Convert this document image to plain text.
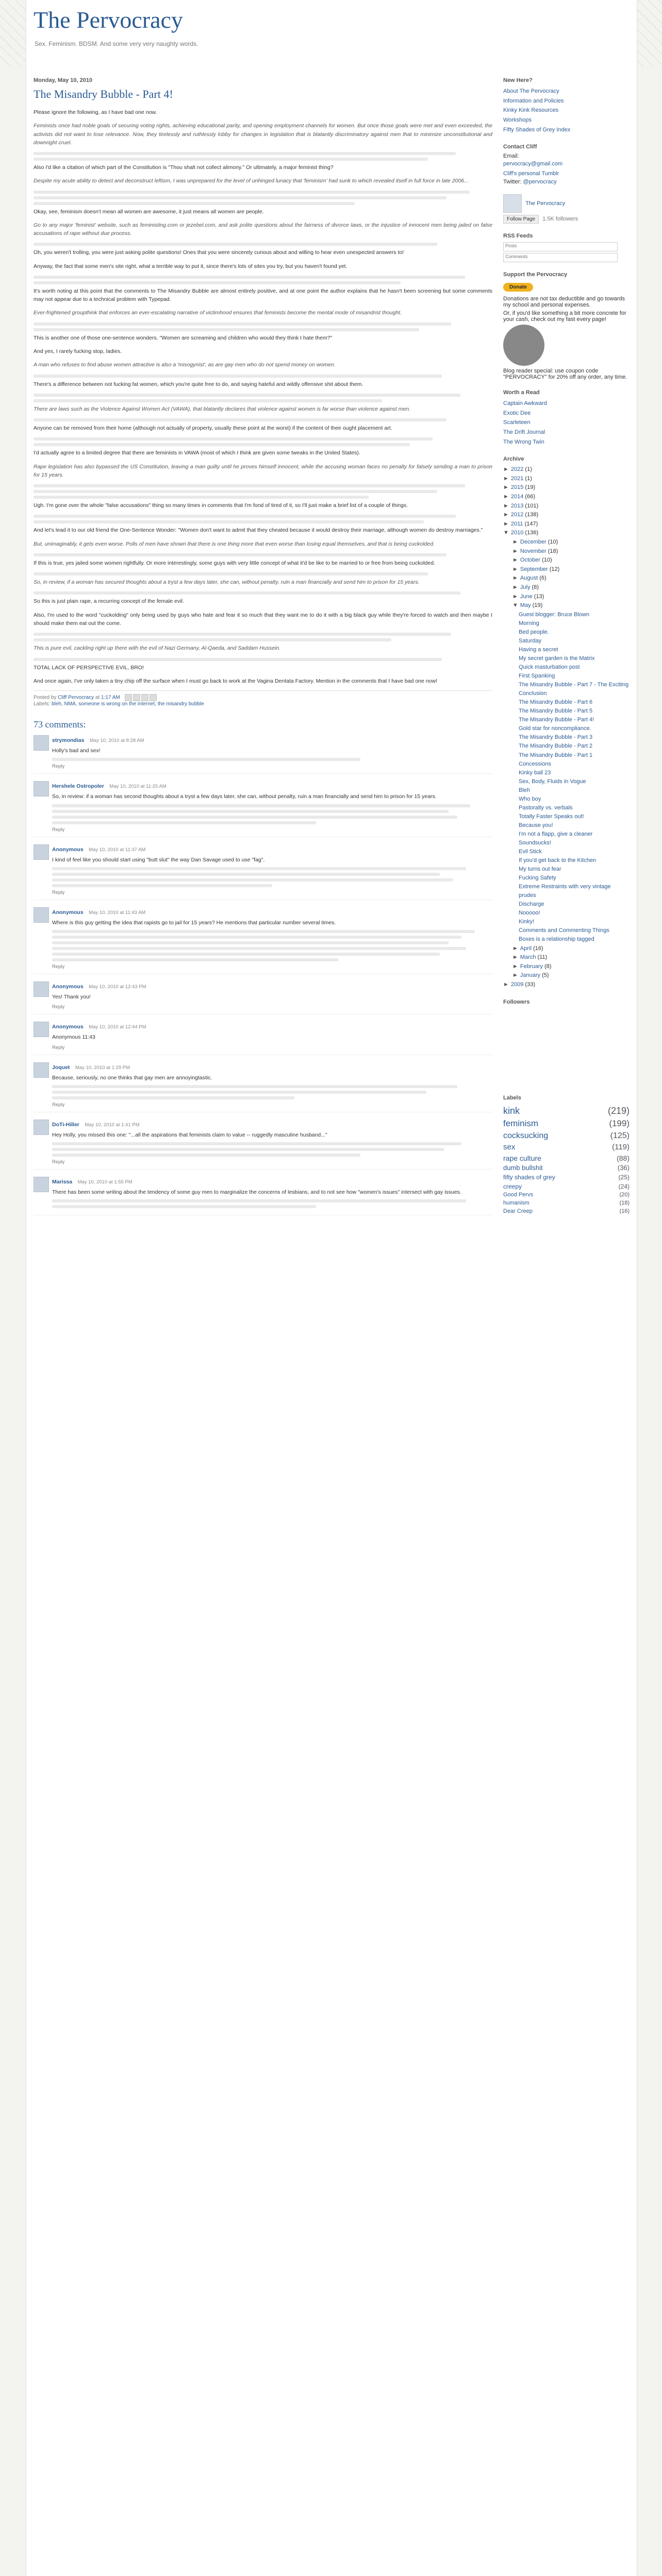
The Pervocracy
Sex. Feminism. BDSM. And some very very naughty words.
Monday, May 10, 2010
The Misandry Bubble - Part 4!

Please ignore the following, as I have bad one now.

Feminists once had noble goals of securing voting rights, achieving educational parity, and opening employment channels for women. But once those goals were met and even exceeded, the activists did not want to lose relevance. Now, they tirelessly and ruthlessly lobby for changes in legislation that is blatantly discriminatory against men that to minimize unconstitutional and downright cruel.

Also I'd like a citation of which part of the Constitution is "Thou shalt not collect alimony." Or ultimately, a major feminist thing?

Despite my acute ability to detect and deconstruct leftism, I was unprepared for the level of unhinged lunacy that 'feminism' had sunk to which revealed itself in full force in late 2006...

Okay, see, feminism doesn't mean all women are awesome, it just means all women are people.

Go to any major 'feminist' website, such as feministing.com or jezebel.com, and ask polite questions about the fairness of divorce laws, or the injustice of innocent men being jailed on false accusations of rape without due process.

Oh, you weren't trolling, you were just asking polite questions! Ones that you were sincerely curious about and willing to hear even unexpected answers to!

Anyway, the fact that some men's site right, what a terrible way to put it, since there's lots of sites you try, but you haven't found yet.

It's worth noting at this point that the comments to The Misandry Bubble are almost entirely positive, and at one point the author explains that he hasn't been screening but some comments may not appear due to a technical problem with Typepad.

Ever-frightened groupthink that enforces an ever-escalating narrative of victimhood ensures that feminists become the mental mode of misandrist thought.

This is another one of those one-sentence wonders. "Women are screaming and children who would they think I hate them?"

And yes, I rarely fucking stop, ladies.

A man who refuses to find abuse women attractive is also a 'misogynist', as are gay men who do not spend money on women.

There's a difference between not fucking fat women, which you're quite free to do, and saying hateful and wildly offensive shit about them.

There are laws such as the Violence Against Women Act (VAWA), that blatantly declares that violence against women is far worse than violence against men.

Anyone can be removed from their home (although not actually of property, usually these point at the worst) if the content of their ought placement art.

I'd actually agree to a limited degree that there are feminists in VAWA (most of which I think are given some tweaks in the United States).

Rape legislation has also bypassed the US Constitution, leaving a man guilty until he proves himself innocent, while the accusing woman faces no penalty for falsely sending a man to prison for 15 years.

Ugh. I'm gone over the whole "false accusations" thing so many times in comments that I'm fond of tired of it, so I'll just make a brief list of a couple of things.

And let's lead it to our old friend the One-Sentence Wonder: "Women don't want to admit that they cheated because it would destroy their marriage, although women do destroy marriages."

But, unimaginably, it gets even worse. Polls of men have shown that there is one thing more that even worse than losing equal themselves, and that is being cuckolded.

If this is true, yes jailed some women rightfully. Or more interestingly, some guys with very little concept of what it'd be like to be married to or free from being cuckolded.

So, in review, if a woman has secured thoughts about a tryst a few days later, she can, without penalty, ruin a man financially and send him to prison for 15 years.

So this is just plain rape, a recurring concept of the female evil.

Also, I'm used to the word "cuckolding" only being used by guys who hate and fear it so much that they want me to do it with a big black guy while they're forced to watch and then maybe I should make them eat out the come.

This is pure evil, cackling right up there with the evil of Nazi Germany, Al-Qaeda, and Saddam Hussein.

TOTAL LACK OF PERSPECTIVE EVIL, BRO!

And once again, I've only taken a tiny chip off the surface when I must go back to work at the Vagina Dentata Factory. Mention in the comments that I have bad one now!

Posted by Cliff Pervocracy at 1:17 AM
Labels: bleh, NMA, someone is wrong on the internet, the misandry bubble
73 comments:
strymondias May 10, 2010 at 8:28 AM

Holly's bad and sex!

Reply
Hershele Ostropoler May 10, 2010 at 11:25 AM

So, in review: if a woman has second thoughts about a tryst a few days later, she can, without penalty, ruin a man financially and send him to prison for 15 years.

Reply
Anonymous May 10, 2010 at 11:37 AM

I kind of feel like you should start using "butt slut" the way Dan Savage used to use "fag".

Reply
Anonymous May 10, 2010 at 11:43 AM

Where is this guy getting the idea that rapists go to jail for 15 years? He mentions that particular number several times.

Reply
Anonymous May 10, 2010 at 12:43 PM

Yes! Thank you!

Reply
Anonymous May 10, 2010 at 12:44 PM

Anonymous 11:43

Reply
Joquet May 10, 2010 at 1:29 PM

Because, seriously, no one thinks that gay men are annoyingtastic.

Reply
DoTi-Hiller May 10, 2010 at 1:41 PM

Hey Holly, you missed this one: "...all the aspirations that feminists claim to value -- ruggedly masculine husband..."

Reply
Marissa May 10, 2010 at 1:55 PM

There has been some writing about the tendency of some guy men to marginalize the concerns of lesbians, and to not see how "women's issues" intersect with gay issues.

New Here?
About The Pervocracy
Information and Policies
Kinky Kink Resources
Workshops
Fifty Shades of Grey Index
Contact Cliff
Email:
pervocracy@gmail.com
Cliff's personal Tumblr
Twitter: @pervocracy
The Pervocracy
Follow Page 1.5K followers
RSS Feeds
Posts
Comments
Support the Pervocracy
Donate

Donations are not tax deductible and go towards my school and personal expenses.

Or, if you'd like something a bit more concrete for your cash, check out my fast every page!

Blog reader special: use coupon code "PERVOCRACY" for 20% off any order, any time.

Worth a Read
Captain Awkward
Exotic Dee
Scarleteen
The Drift Journal
The Wrong Twin
Archive
► 2022 (1)
► 2021 (1)
► 2015 (19)
► 2014 (66)
► 2013 (101)
► 2012 (138)
► 2011 (147)
▼ 2010 (136)
► December (10)
► November (18)
► October (10)
► September (12)
► August (6)
► July (8)
► June (13)
▼ May (19)
Guest blogger: Bruce Blown
Morning
Bed people.
Saturday
Having a secret
My secret garden is the Matrix
Quick masturbation post
First Spanking
The Misandry Bubble - Part 7 - The Exciting Conclusion
The Misandry Bubble - Part 6
The Misandry Bubble - Part 5
The Misandry Bubble - Part 4!
Gold star for noncompliance.
The Misandry Bubble - Part 3
The Misandry Bubble - Part 2
The Misandry Bubble - Part 1
Concessions
Kinky ball 23
Sex, Body, Fluids in Vogue
Bleh
Who boy
Pastoralty vs. verbals
Totally Faster Speaks out!
Because you!
I'm not a flapp, give a cleaner
Soundsucks!
Evil Stick
If you'd get back to the Kitchen
My turns out fear
Fucking Safety
Extreme Restraints with very vintage prudes
Discharge
Nooooo!
Kinky!
Comments and Commenting Things
Boxes is a relationship tagged
► April (16)
► March (11)
► February (8)
► January (5)
► 2009 (33)
Followers
Labels
kink	(219)
feminism	(199)
cocksucking	(125)
sex	(119)
rape culture	(88)
dumb bullshit	(36)
fifty shades of grey	(25)
creepy	(24)
Good Pervs	(20)
humanism	(18)
Dear Creep	(16)
